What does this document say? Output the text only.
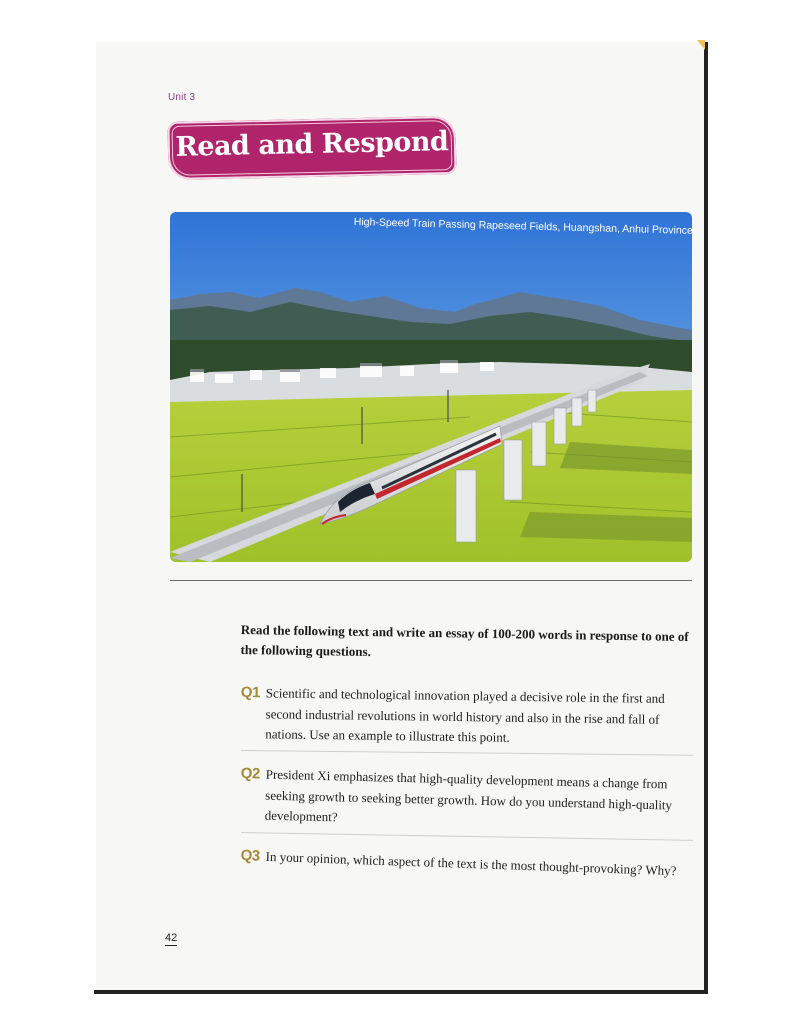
Unit 3
Read and Respond
High-Speed Train Passing Rapeseed Fields, Huangshan, Anhui Province
Read the following text and write an essay of 100-200 words in response to one of the following questions.
Q1 Scientific and technological innovation played a decisive role in the first and second industrial revolutions in world history and also in the rise and fall of nations. Use an example to illustrate this point.
Q2 President Xi emphasizes that high-quality development means a change from seeking growth to seeking better growth. How do you understand high-quality development?
Q3 In your opinion, which aspect of the text is the most thought-provoking? Why?
42
